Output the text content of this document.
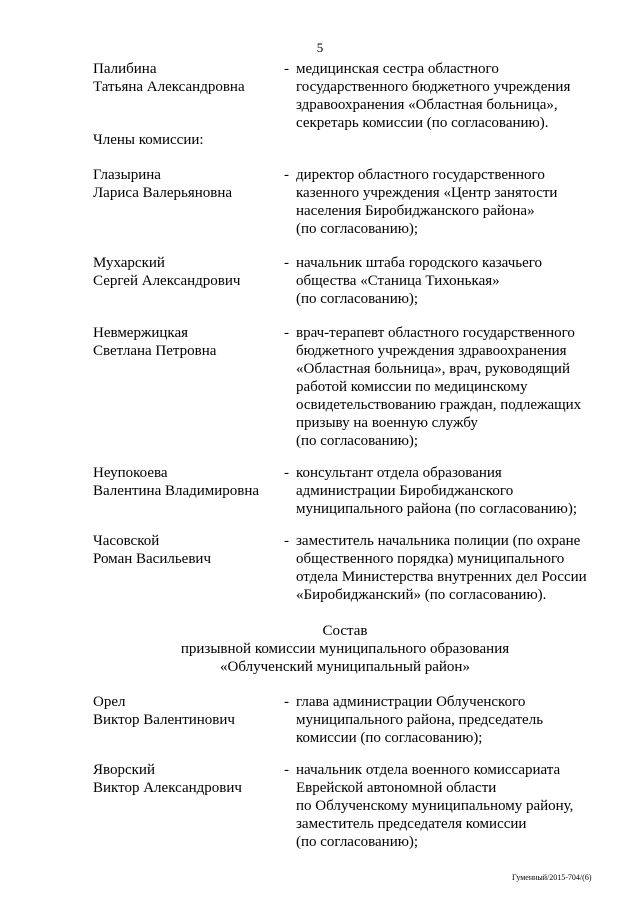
5
Палибина
Татьяна Александровна
- медицинская сестра областного
государственного бюджетного учреждения
здравоохранения «Областная больница»,
секретарь комиссии (по согласованию).
Члены комиссии:
Глазырина
Лариса Валерьяновна
- директор областного государственного
казенного учреждения «Центр занятости
населения Биробиджанского района»
(по согласованию);
Мухарский
Сергей Александрович
- начальник штаба городского казачьего
общества «Станица Тихонькая»
(по согласованию);
Невмержицкая
Светлана Петровна
- врач-терапевт областного государственного
бюджетного учреждения здравоохранения
«Областная больница», врач, руководящий
работой комиссии по медицинскому
освидетельствованию граждан, подлежащих
призыву на военную службу
(по согласованию);
Неупокоева
Валентина Владимировна
- консультант отдела образования
администрации Биробиджанского
муниципального района (по согласованию);
Часовской
Роман Васильевич
- заместитель начальника полиции (по охране
общественного порядка) муниципального
отдела Министерства внутренних дел России
«Биробиджанский» (по согласованию).
Состав
призывной комиссии муниципального образования
«Облученский муниципальный район»
Орел
Виктор Валентинович
- глава администрации Облученского
муниципального района, председатель
комиссии (по согласованию);
Яворский
Виктор Александрович
- начальник отдела военного комиссариата
Еврейской автономной области
по Облученскому муниципальному району,
заместитель председателя комиссии
(по согласованию);
Гуменный/2015-704/(6)
